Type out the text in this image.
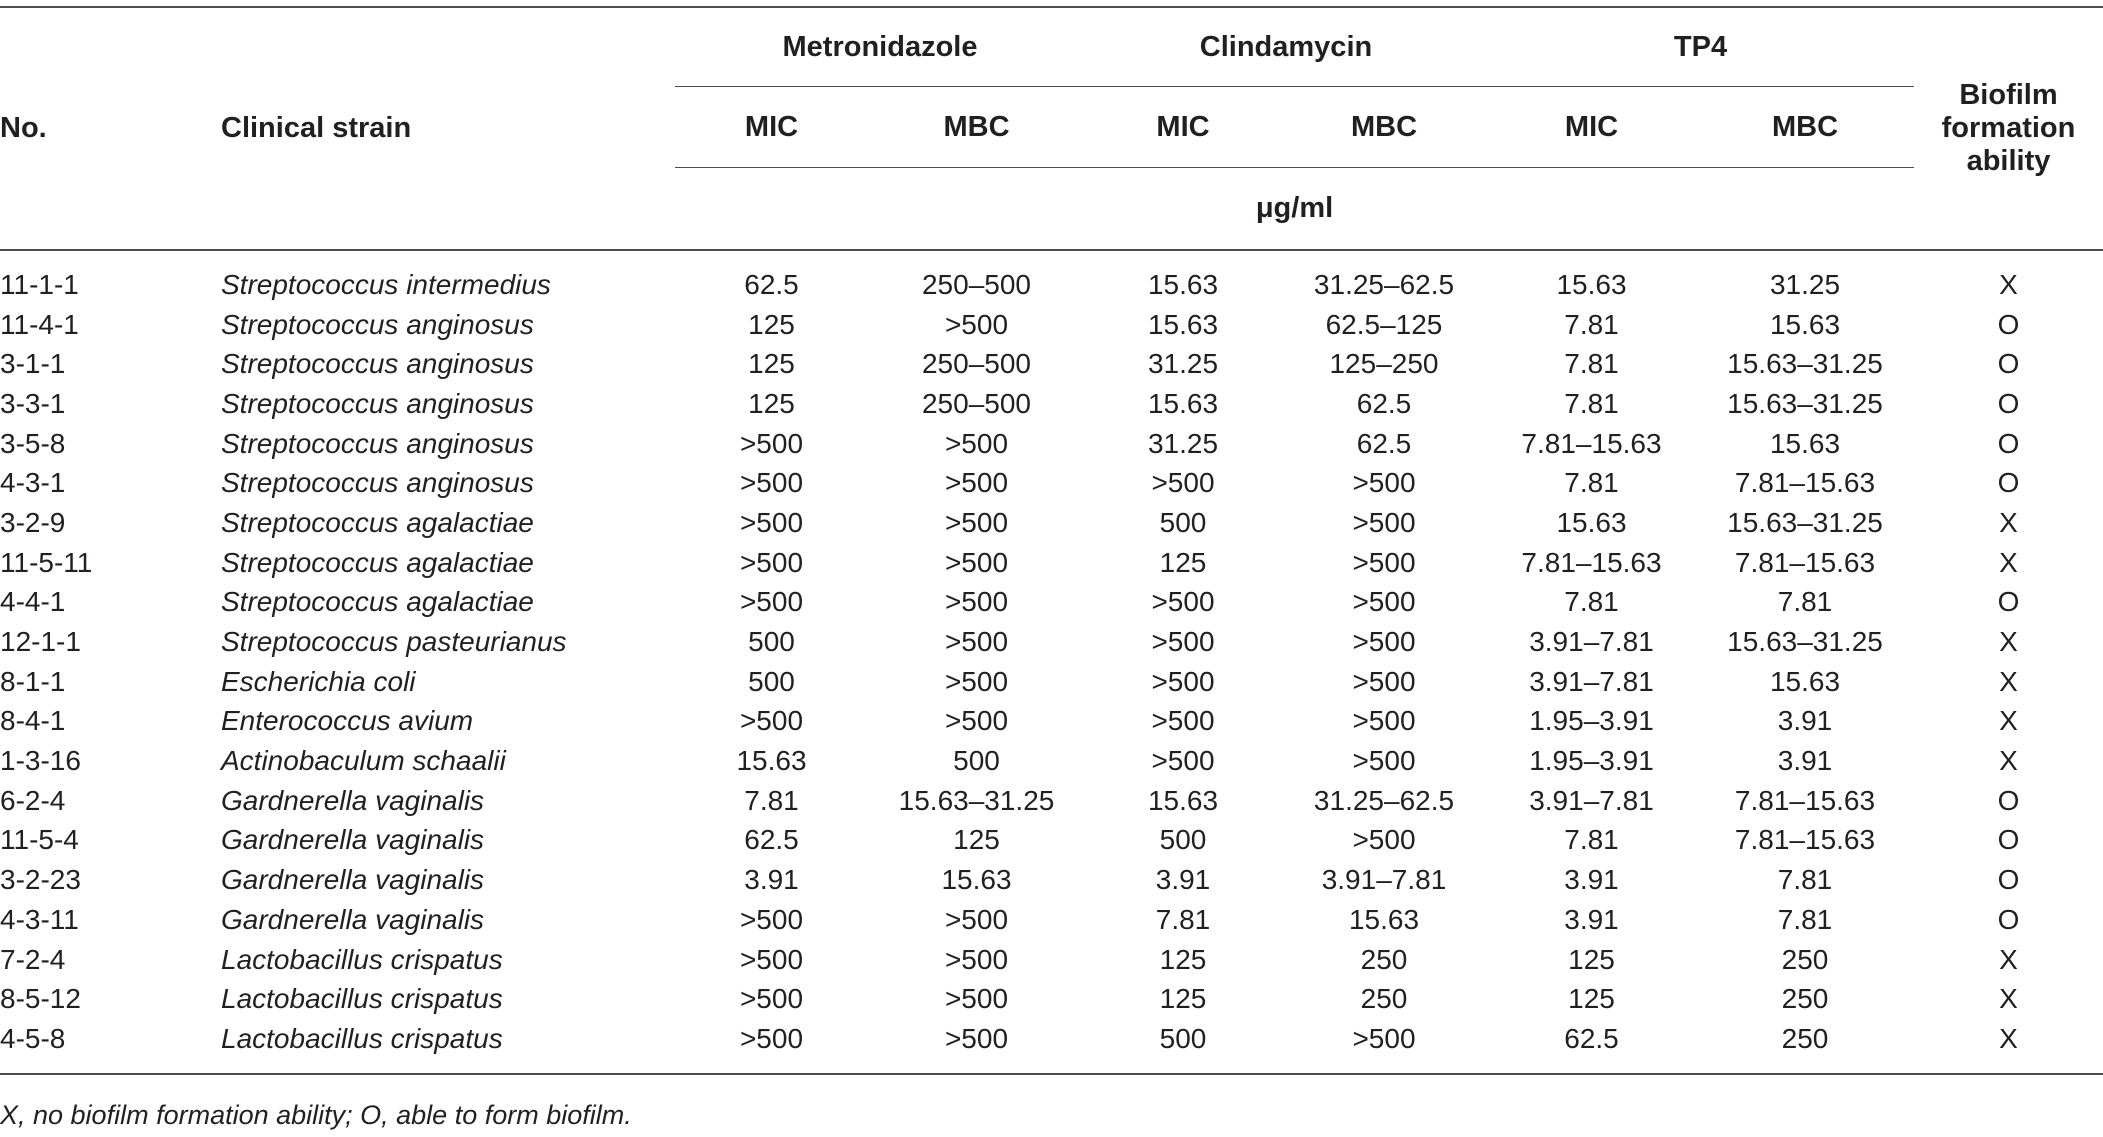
No.	Clinical strain	Metronidazole		Clindamycin		TP4		Biofilm
formation
ability
		MIC	MBC	MIC	MBC	MIC	MBC	
		μg/ml						
11-1-1	Streptococcus intermedius	62.5	250–500	15.63	31.25–62.5	15.63	31.25	X
11-4-1	Streptococcus anginosus	125	>500	15.63	62.5–125	7.81	15.63	O
3-1-1	Streptococcus anginosus	125	250–500	31.25	125–250	7.81	15.63–31.25	O
3-3-1	Streptococcus anginosus	125	250–500	15.63	62.5	7.81	15.63–31.25	O
3-5-8	Streptococcus anginosus	>500	>500	31.25	62.5	7.81–15.63	15.63	O
4-3-1	Streptococcus anginosus	>500	>500	>500	>500	7.81	7.81–15.63	O
3-2-9	Streptococcus agalactiae	>500	>500	500	>500	15.63	15.63–31.25	X
11-5-11	Streptococcus agalactiae	>500	>500	125	>500	7.81–15.63	7.81–15.63	X
4-4-1	Streptococcus agalactiae	>500	>500	>500	>500	7.81	7.81	O
12-1-1	Streptococcus pasteurianus	500	>500	>500	>500	3.91–7.81	15.63–31.25	X
8-1-1	Escherichia coli	500	>500	>500	>500	3.91–7.81	15.63	X
8-4-1	Enterococcus avium	>500	>500	>500	>500	1.95–3.91	3.91	X
1-3-16	Actinobaculum schaalii	15.63	500	>500	>500	1.95–3.91	3.91	X
6-2-4	Gardnerella vaginalis	7.81	15.63–31.25	15.63	31.25–62.5	3.91–7.81	7.81–15.63	O
11-5-4	Gardnerella vaginalis	62.5	125	500	>500	7.81	7.81–15.63	O
3-2-23	Gardnerella vaginalis	3.91	15.63	3.91	3.91–7.81	3.91	7.81	O
4-3-11	Gardnerella vaginalis	>500	>500	7.81	15.63	3.91	7.81	O
7-2-4	Lactobacillus crispatus	>500	>500	125	250	125	250	X
8-5-12	Lactobacillus crispatus	>500	>500	125	250	125	250	X
4-5-8	Lactobacillus crispatus	>500	>500	500	>500	62.5	250	X
X, no biofilm formation ability; O, able to form biofilm.
